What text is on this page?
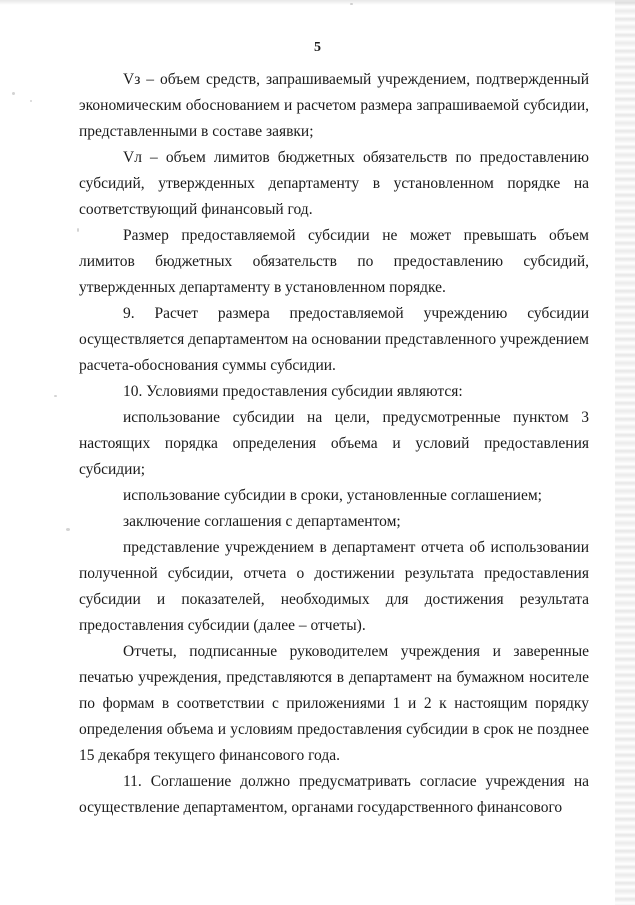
5

Vз – объем средств, запрашиваемый учреждением, подтвержденный экономическим обоснованием и расчетом размера запрашиваемой субсидии, представленными в составе заявки;

Vл – объем лимитов бюджетных обязательств по предоставлению субсидий, утвержденных департаменту в установленном порядке на соответствующий финансовый год.

Размер предоставляемой субсидии не может превышать объем лимитов бюджетных обязательств по предоставлению субсидий, утвержденных департаменту в установленном порядке.

9. Расчет размера предоставляемой учреждению субсидии осуществляется департаментом на основании представленного учреждением расчета-обоснования суммы субсидии.

10. Условиями предоставления субсидии являются:

использование субсидии на цели, предусмотренные пунктом 3 настоящих порядка определения объема и условий предоставления субсидии;

использование субсидии в сроки, установленные соглашением;

заключение соглашения с департаментом;

представление учреждением в департамент отчета об использовании полученной субсидии, отчета о достижении результата предоставления субсидии и показателей, необходимых для достижения результата предоставления субсидии (далее – отчеты).

Отчеты, подписанные руководителем учреждения и заверенные печатью учреждения, представляются в департамент на бумажном носителе по формам в соответствии с приложениями 1 и 2 к настоящим порядку определения объема и условиям предоставления субсидии в срок не позднее 15 декабря текущего финансового года.

11. Соглашение должно предусматривать согласие учреждения на осуществление департаментом, органами государственного финансового
